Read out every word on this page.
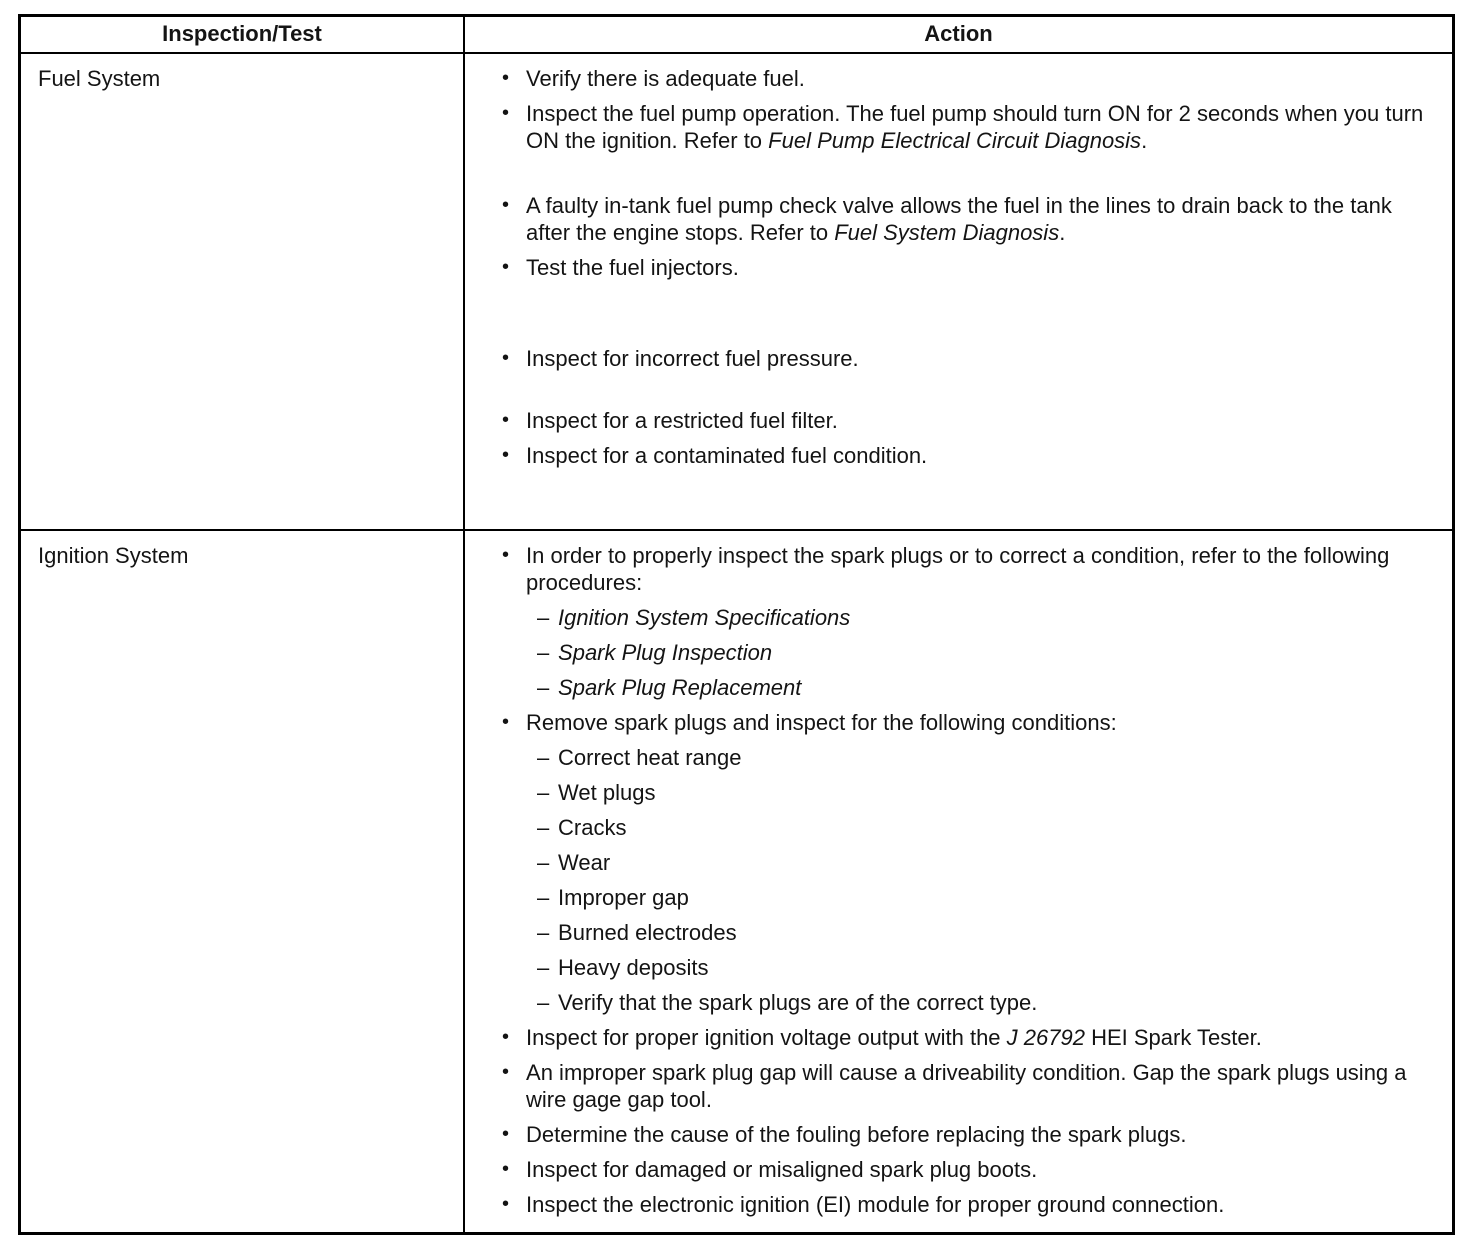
Inspection/Test	Action
Fuel System	• Verify there is adequate fuel.
• Inspect the fuel pump operation. The fuel pump should turn ON for 2 seconds when you turn ON the ignition. Refer to Fuel Pump Electrical Circuit Diagnosis.
• A faulty in-tank fuel pump check valve allows the fuel in the lines to drain back to the tank after the engine stops. Refer to Fuel System Diagnosis.
• Test the fuel injectors.
• Inspect for incorrect fuel pressure.
• Inspect for a restricted fuel filter.
• Inspect for a contaminated fuel condition.

Ignition System	• In order to properly inspect the spark plugs or to correct a condition, refer to the following procedures:
– Ignition System Specifications
– Spark Plug Inspection
– Spark Plug Replacement
• Remove spark plugs and inspect for the following conditions:
– Correct heat range
– Wet plugs
– Cracks
– Wear
– Improper gap
– Burned electrodes
– Heavy deposits
– Verify that the spark plugs are of the correct type.
• Inspect for proper ignition voltage output with the J 26792 HEI Spark Tester.
• An improper spark plug gap will cause a driveability condition. Gap the spark plugs using a wire gage gap tool.
• Determine the cause of the fouling before replacing the spark plugs.
• Inspect for damaged or misaligned spark plug boots.
• Inspect the electronic ignition (EI) module for proper ground connection.
